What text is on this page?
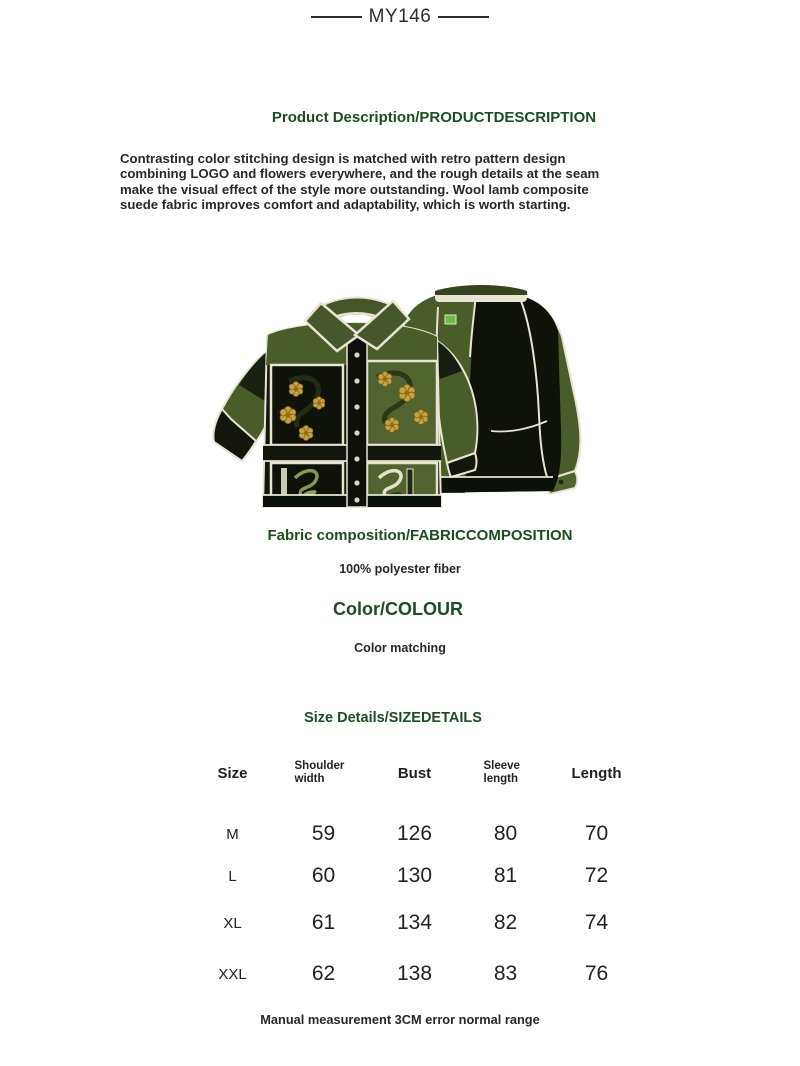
MY146
Product Description/PRODUCTDESCRIPTION

Contrasting color stitching design is matched with retro pattern design combining LOGO and flowers everywhere, and the rough details at the seam make the visual effect of the style more outstanding. Wool lamb composite suede fabric improves comfort and adaptability, which is worth starting.

Fabric composition/FABRICCOMPOSITION
100% polyester fiber
Color/COLOUR
Color matching
Size Details/SIZEDETAILS
Size	Shoulder width	Bust	Sleeve length	Length
M	59	126	80	70
L	60	130	81	72
XL	61	134	82	74
XXL	62	138	83	76
Manual measurement 3CM error normal range
